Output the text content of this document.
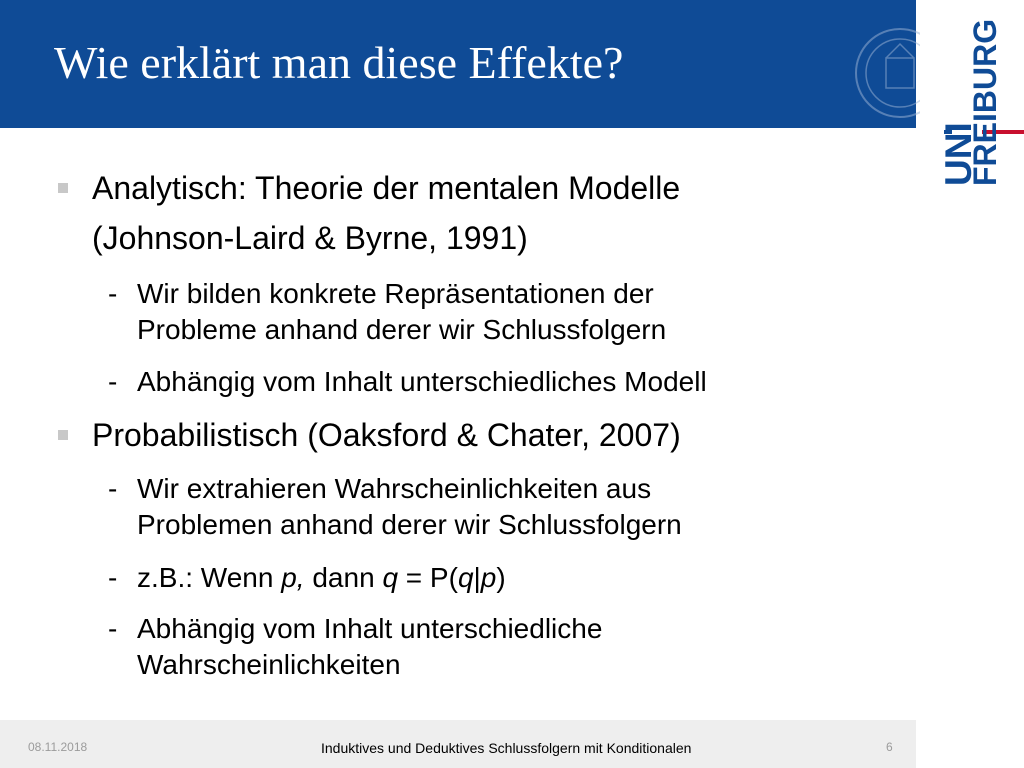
Wie erklärt man diese Effekte?
UNI
FREIBURG
Analytisch: Theorie der mentalen Modelle
(Johnson-Laird & Byrne, 1991)
- Wir bilden konkrete Repräsentationen der
Probleme anhand derer wir Schlussfolgern
- Abhängig vom Inhalt unterschiedliches Modell
Probabilistisch (Oaksford & Chater, 2007)
- Wir extrahieren Wahrscheinlichkeiten aus
Problemen anhand derer wir Schlussfolgern
- z.B.: Wenn p, dann q = P(q|p)
- Abhängig vom Inhalt unterschiedliche
Wahrscheinlichkeiten
08.11.2018	Induktives und Deduktives Schlussfolgern mit Konditionalen	6
